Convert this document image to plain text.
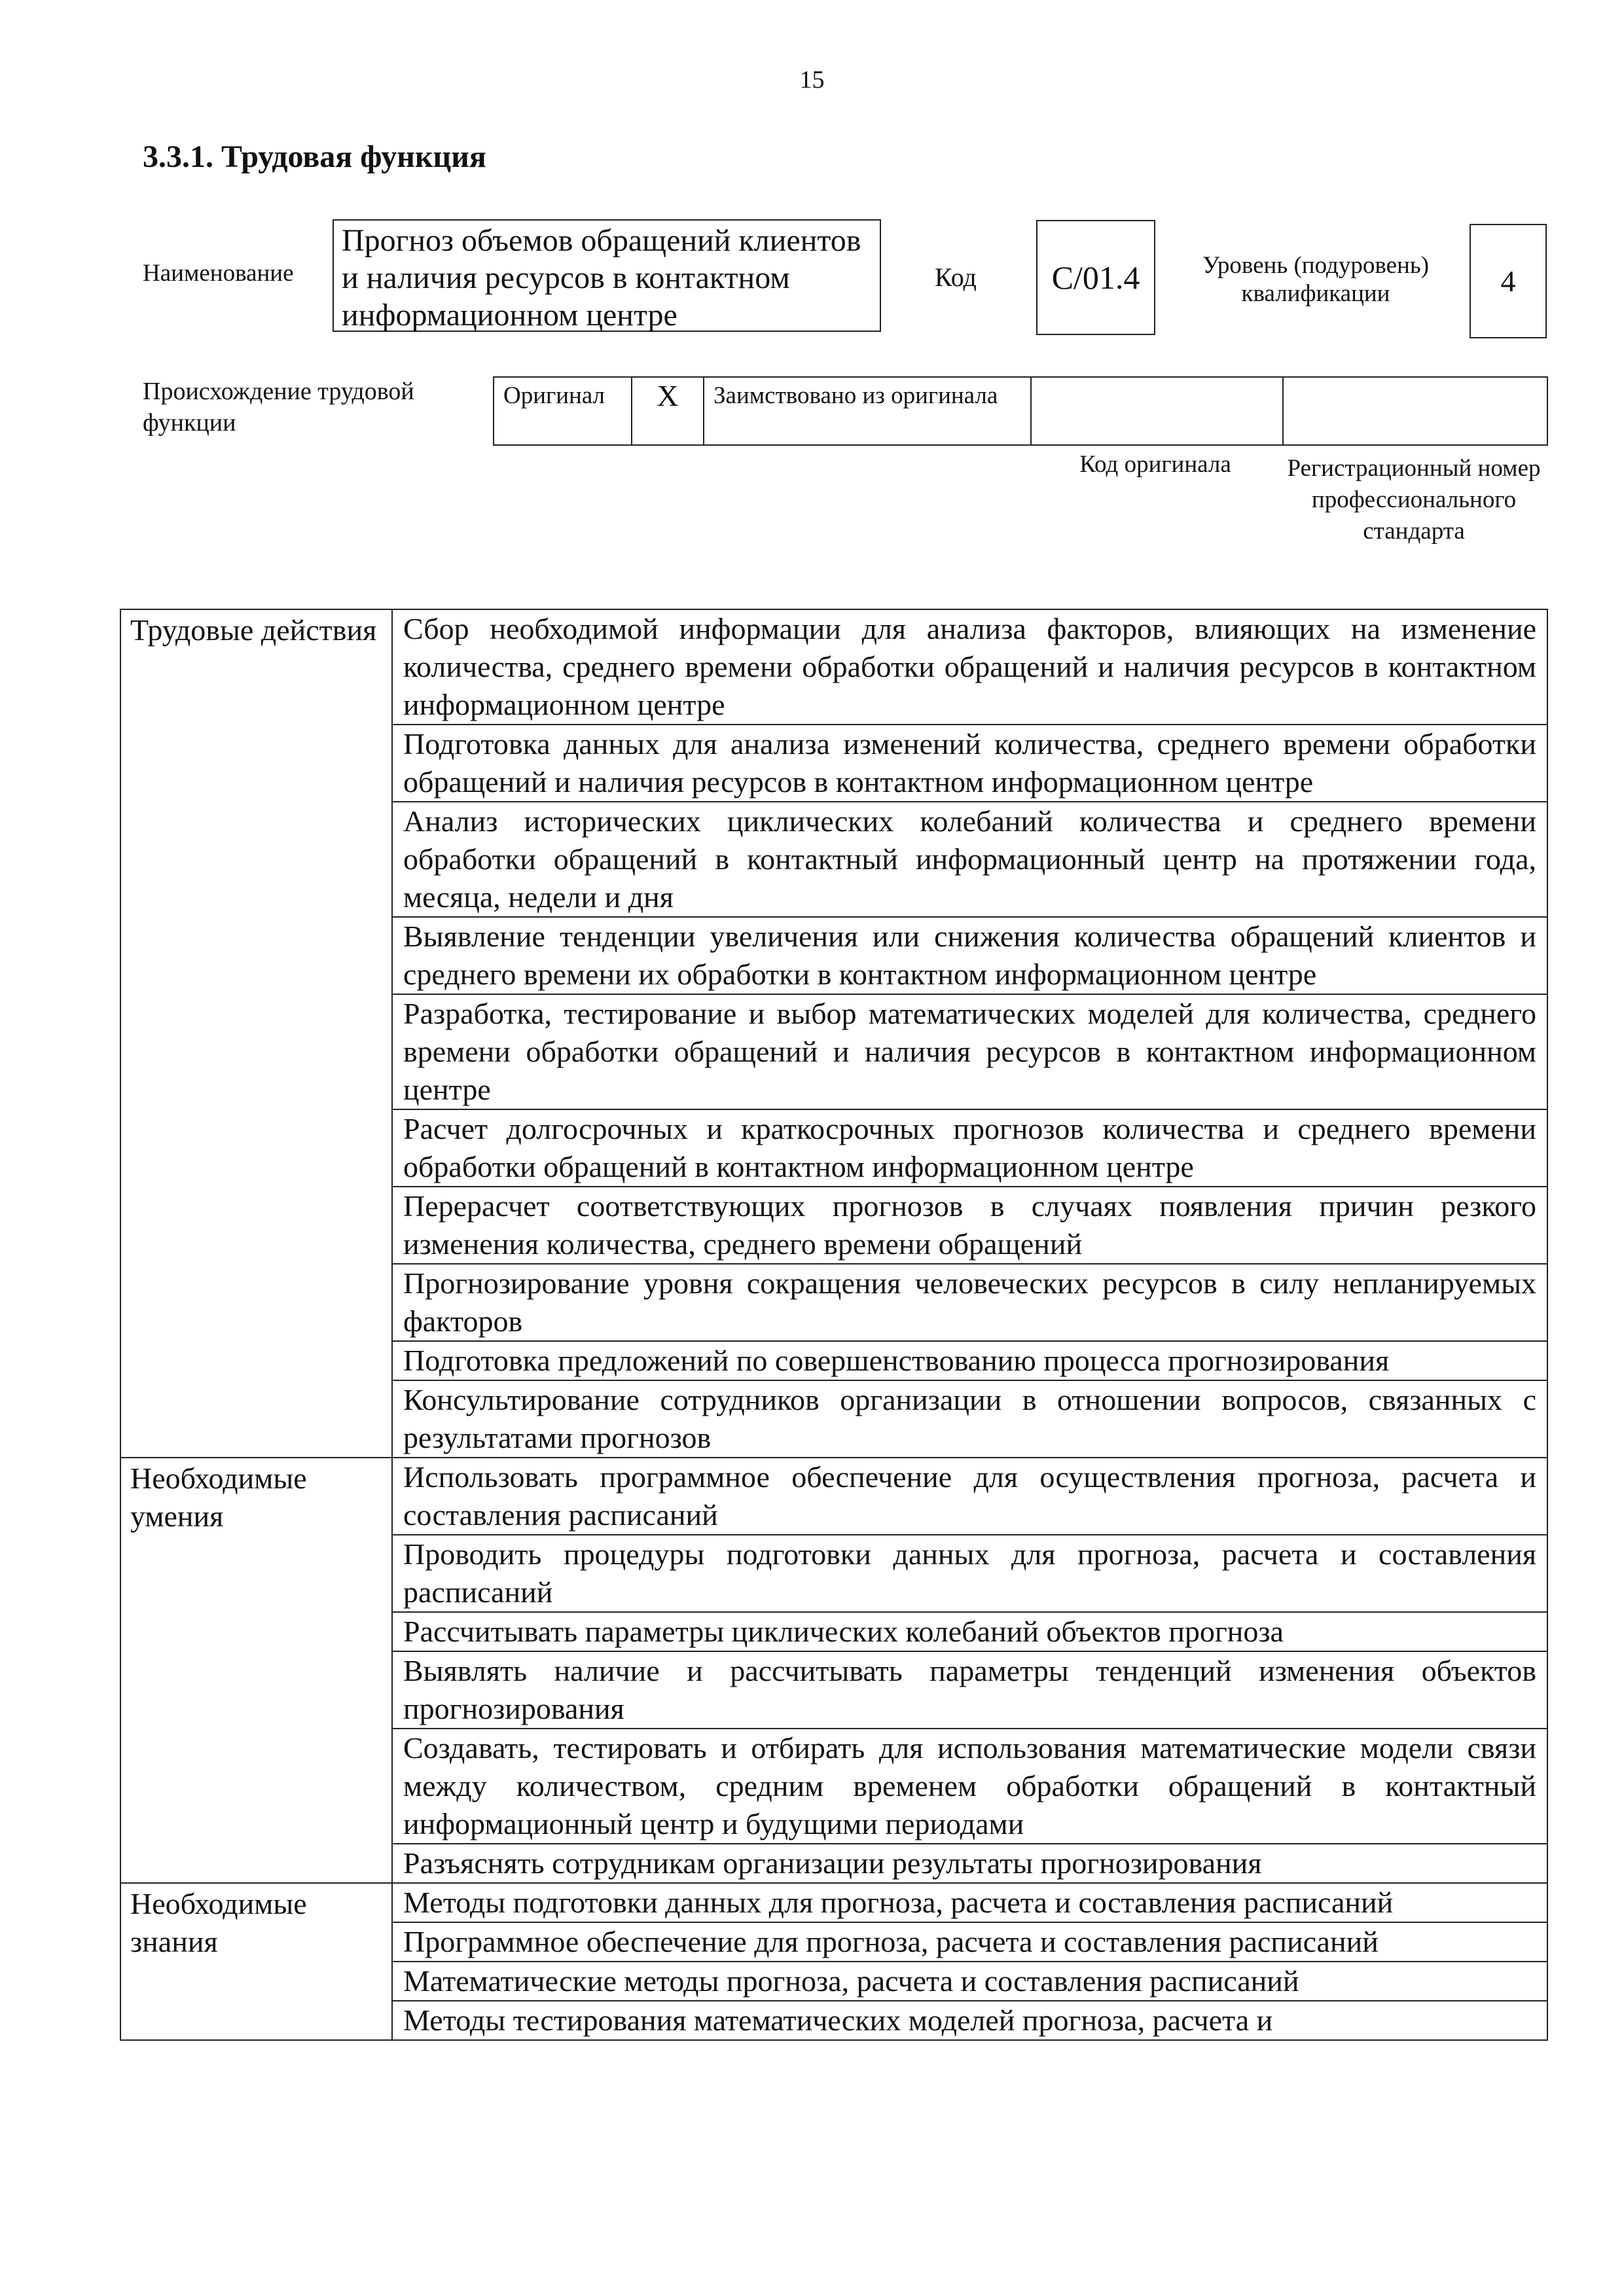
15
3.3.1. Трудовая функция
Наименование
Прогноз объемов обращений клиентов и наличия ресурсов в контактном информационном центре
Код	С/01.4	Уровень (подуровень) квалификации	4
Происхождение трудовой функции
Оригинал	X	Заимствовано из оригинала		
Код оригинала	Регистрационный номер профессионального стандарта
Трудовые действия	Сбор необходимой информации для анализа факторов, влияющих на изменение количества, среднего времени обработки обращений и наличия ресурсов в контактном информационном центре
	Подготовка данных для анализа изменений количества, среднего времени обработки обращений и наличия ресурсов в контактном информационном центре
	Анализ исторических циклических колебаний количества и среднего времени обработки обращений в контактный информационный центр на протяжении года, месяца, недели и дня
	Выявление тенденции увеличения или снижения количества обращений клиентов и среднего времени их обработки в контактном информационном центре
	Разработка, тестирование и выбор математических моделей для количества, среднего времени обработки обращений и наличия ресурсов в контактном информационном центре
	Расчет долгосрочных и краткосрочных прогнозов количества и среднего времени обработки обращений в контактном информационном центре
	Перерасчет соответствующих прогнозов в случаях появления причин резкого изменения количества, среднего времени обращений
	Прогнозирование уровня сокращения человеческих ресурсов в силу непланируемых факторов
	Подготовка предложений по совершенствованию процесса прогнозирования
	Консультирование сотрудников организации в отношении вопросов, связанных с результатами прогнозов
Необходимые умения	Использовать программное обеспечение для осуществления прогноза, расчета и составления расписаний
	Проводить процедуры подготовки данных для прогноза, расчета и составления расписаний
	Рассчитывать параметры циклических колебаний объектов прогноза
	Выявлять наличие и рассчитывать параметры тенденций изменения объектов прогнозирования
	Создавать, тестировать и отбирать для использования математические модели связи между количеством, средним временем обработки обращений в контактный информационный центр и будущими периодами
	Разъяснять сотрудникам организации результаты прогнозирования
Необходимые знания	Методы подготовки данных для прогноза, расчета и составления расписаний
	Программное обеспечение для прогноза, расчета и составления расписаний
	Математические методы прогноза, расчета и составления расписаний
	Методы тестирования математических моделей прогноза, расчета и
